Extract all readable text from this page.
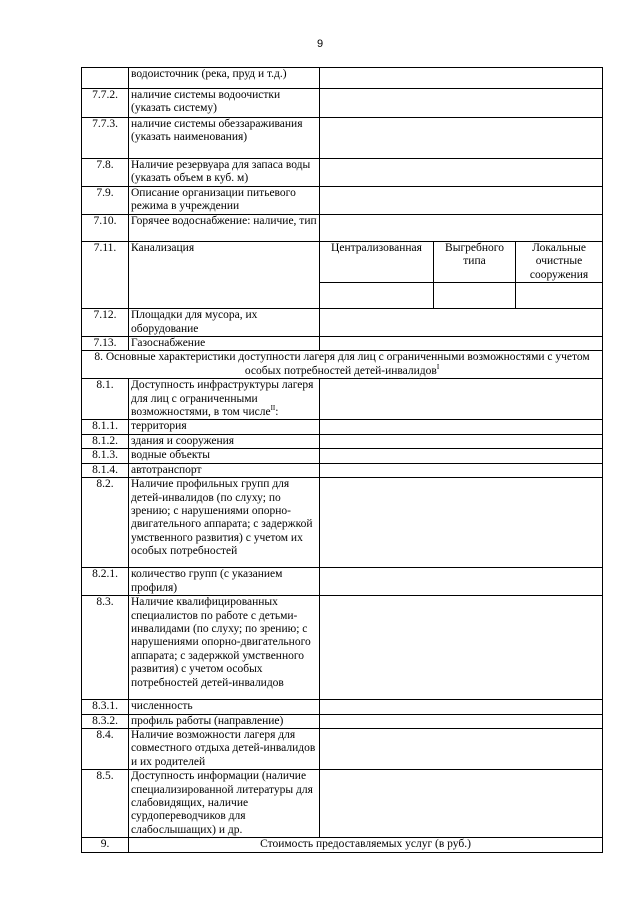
9
	водоисточник (река, пруд и т.д.)			
7.7.2.	наличие системы водоочистки (указать систему)			
7.7.3.	наличие системы обеззараживания (указать наименования)			
7.8.	Наличие резервуара для запаса воды (указать объем в куб. м)			
7.9.	Описание организации питьевого режима в учреждении			
7.10.	Горячее водоснабжение: наличие, тип			
7.11.	Канализация	Централизованная	Выгребного типа	Локальные очистные сооружения

7.12.	Площадки для мусора, их оборудование			
7.13.	Газоснабжение			
8. Основные характеристики доступности лагеря для лиц с ограниченными возможностями с учетом особых потребностей детей-инвалидов$^I$
8.1.	Доступность инфраструктуры лагеря для лиц с ограниченными возможностями, в том числе$^{II}$:			
8.1.1.	территория			
8.1.2.	здания и сооружения			
8.1.3.	водные объекты			
8.1.4.	автотранспорт			
8.2.	Наличие профильных групп для детей-инвалидов (по слуху; по зрению; с нарушениями опорно-двигательного аппарата; с задержкой умственного развития) с учетом их особых потребностей			
8.2.1.	количество групп (с указанием профиля)			
8.3.	Наличие квалифицированных специалистов по работе с детьми-инвалидами (по слуху; по зрению; с нарушениями опорно-двигательного аппарата; с задержкой умственного развития) с учетом особых потребностей детей-инвалидов			
8.3.1.	численность			
8.3.2.	профиль работы (направление)			
8.4.	Наличие возможности лагеря для совместного отдыха детей-инвалидов и их родителей			
8.5.	Доступность информации (наличие специализированной литературы для слабовидящих, наличие сурдопереводчиков для слабослышащих) и др.			
9.	Стоимость предоставляемых услуг (в руб.)			
